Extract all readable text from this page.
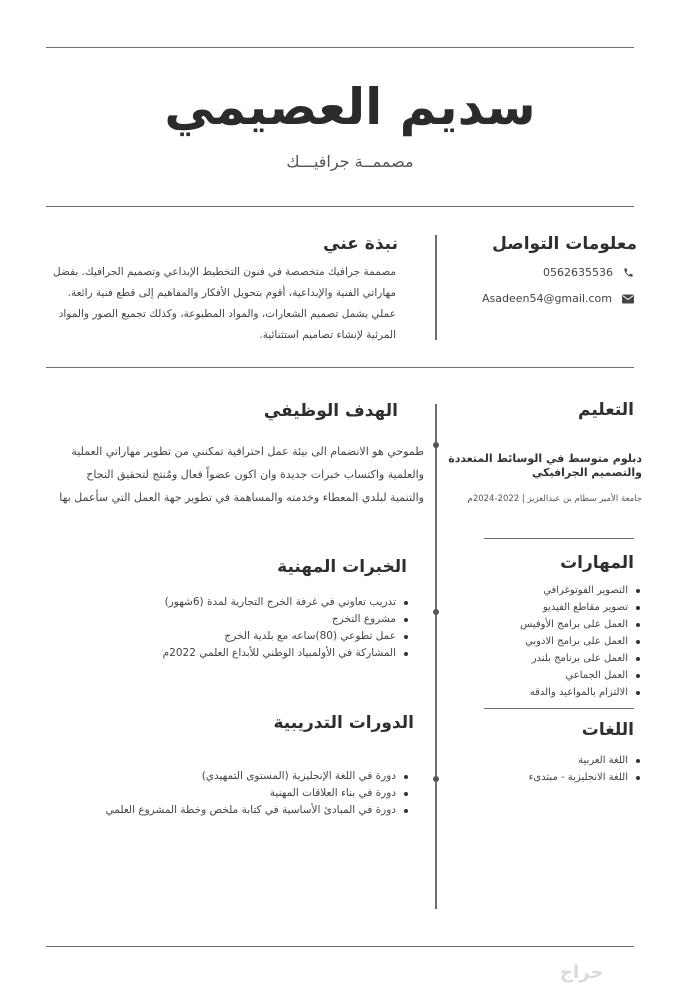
سديم العصيمي
مصممــة جرافيـــك
نبذة عني
مصممة جرافيك متخصصة في فنون التخطيط الإبداعي وتصميم الجرافيك. بفضل
مهاراتي الفنية والإبداعية، أقوم بتحويل الأفكار والمفاهيم إلى قطع فنية رائعة.
عملي يشمل تصميم الشعارات، والمواد المطبوعة، وكذلك تجميع الصور والمواد
المرئية لإنشاء تصاميم استثنائية.
معلومات التواصل
0562635536
Asadeen54@gmail.com
الهدف الوظيفي
طموحي هو الانضمام الى بيئة عمل احترافية تمكنني من تطوير مهاراتي العملية
والعلمية واكتساب خبرات جديدة وان اكون عضواً فعال ومُنتج لتحقيق النجاح
والتنمية لبلدي المعطاء وخدمته والمساهمة في تطوير جهة العمل التي سأعمل بها
التعليم
دبلوم متوسط في الوسائط المتعددة
والتصميم الجرافيكي
جامعة الأمير سطام بن عبدالعزيز | 2022-2024م
الخبرات المهنية
تدريب تعاوني في غرفة الخرج التجارية لمدة (6شهور)
مشروع التخرج
عمل تطوعي (80)ساعه مع بلدية الخرج
المشاركة في الأولمبياد الوطني للأبداع العلمي 2022م
المهارات
التصوير الفوتوغرافي
تصوير مقاطع الفيديو
العمل على برامج الأوفيس
العمل على برامج الادوبي
العمل على برنامج بلندر
العمل الجماعي
الالتزام بالمواعيد والدقه
الدورات التدريبية
دورة في اللغة الإنجليزية (المستوى التمهيدي)
دورة في بناء العلاقات المهنية
دورة في المبادئ الأساسية في كتابة ملخص وخطة المشروع العلمي
اللغات
اللغة العربية
اللغة الانجليزية - مبتدىء
حراج
